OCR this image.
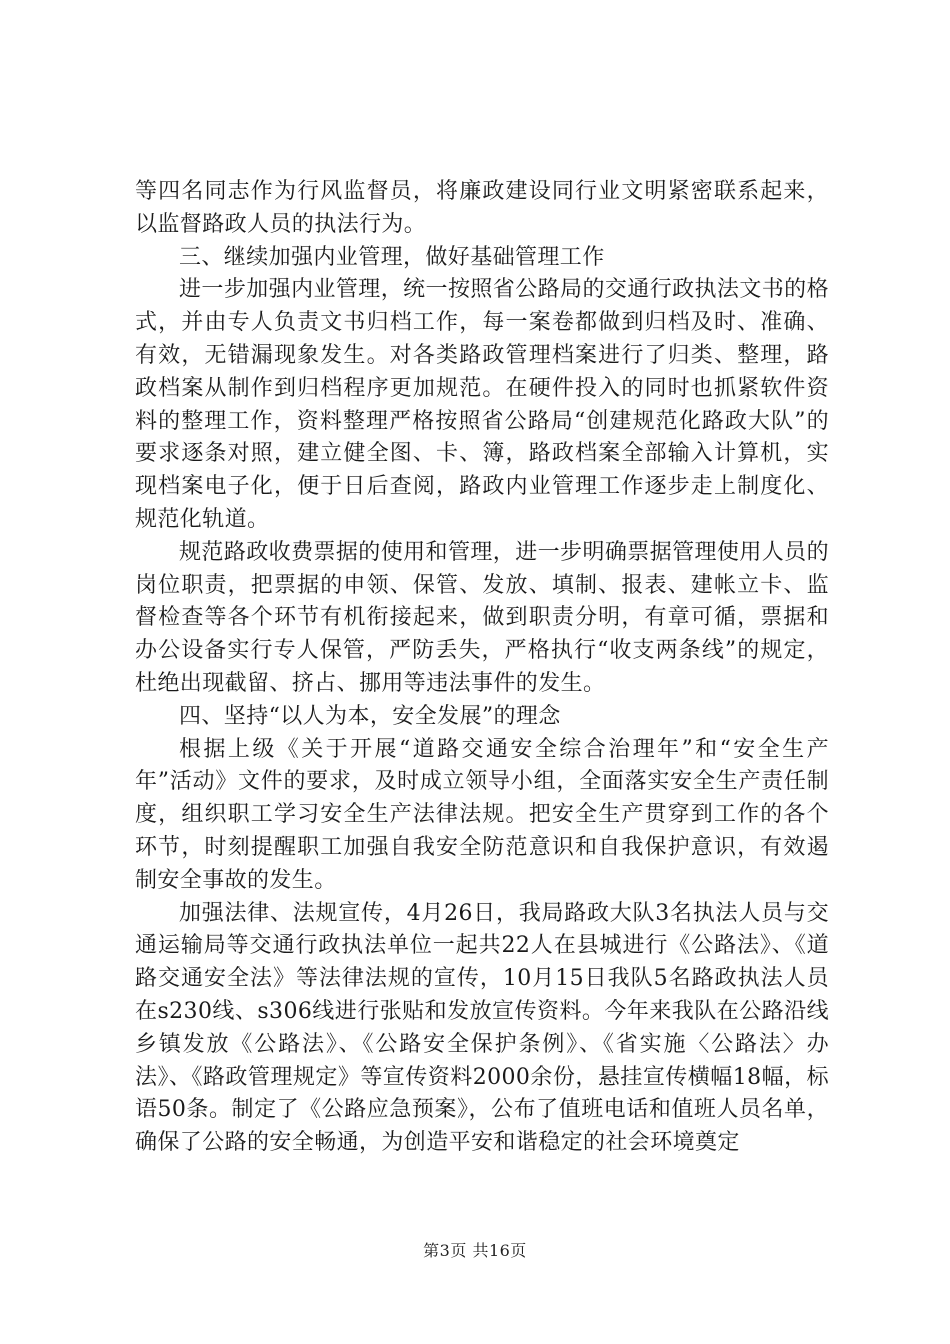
等四名同志作为行风监督员，将廉政建设同行业文明紧密联系起来，以监督路政人员的执法行为。

三、继续加强内业管理，做好基础管理工作

进一步加强内业管理，统一按照省公路局的交通行政执法文书的格式，并由专人负责文书归档工作，每一案卷都做到归档及时、准确、有效，无错漏现象发生。对各类路政管理档案进行了归类、整理，路政档案从制作到归档程序更加规范。在硬件投入的同时也抓紧软件资料的整理工作，资料整理严格按照省公路局“创建规范化路政大队”的要求逐条对照，建立健全图、卡、簿，路政档案全部输入计算机，实现档案电子化，便于日后查阅，路政内业管理工作逐步走上制度化、规范化轨道。

规范路政收费票据的使用和管理，进一步明确票据管理使用人员的岗位职责，把票据的申领、保管、发放、填制、报表、建帐立卡、监督检查等各个环节有机衔接起来，做到职责分明，有章可循，票据和办公设备实行专人保管，严防丢失，严格执行“收支两条线”的规定，杜绝出现截留、挤占、挪用等违法事件的发生。

四、坚持“以人为本，安全发展”的理念

根据上级《关于开展“道路交通安全综合治理年”和“安全生产年”活动》文件的要求，及时成立领导小组，全面落实安全生产责任制度，组织职工学习安全生产法律法规。把安全生产贯穿到工作的各个环节，时刻提醒职工加强自我安全防范意识和自我保护意识，有效遏制安全事故的发生。

加强法律、法规宣传，4月26日，我局路政大队3名执法人员与交通运输局等交通行政执法单位一起共22人在县城进行《公路法》、《道路交通安全法》等法律法规的宣传，10月15日我队5名路政执法人员在s230线、s306线进行张贴和发放宣传资料。今年来我队在公路沿线乡镇发放《公路法》、《公路安全保护条例》、《省实施〈公路法〉办法》、《路政管理规定》等宣传资料2000余份，悬挂宣传横幅18幅，标语50条。制定了《公路应急预案》，公布了值班电话和值班人员名单，确保了公路的安全畅通，为创造平安和谐稳定的社会环境奠定

第3页 共16页
